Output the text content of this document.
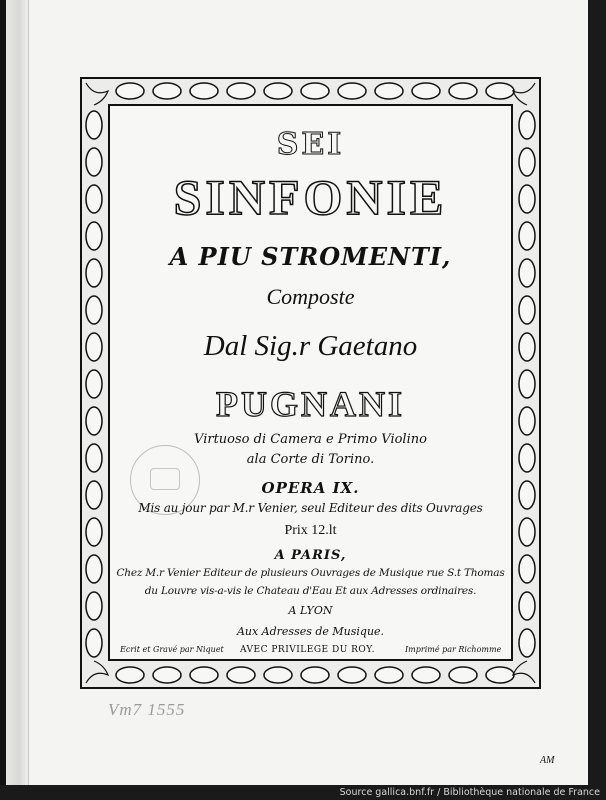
SEI
SINFONIE
A PIU STROMENTI,
Composte
Dal Sig.r Gaetano
PUGNANI
Virtuoso di Camera e Primo Violino
ala Corte di Torino.
OPERA IX.
Mis au jour par M.r Venier, seul Editeur des dits Ouvrages
Prix 12.lt
A PARIS,
Chez M.r Venier Editeur de plusieurs Ouvrages de Musique rue S.t Thomas
du Louvre vis-a-vis le Chateau d'Eau Et aux Adresses ordinaires.
A LYON
Aux Adresses de Musique.
Ecrit et Gravé par Niquet AVEC PRIVILEGE DU ROY.	Imprimé par Richomme
Vm7 1555
AM
Source gallica.bnf.fr / Bibliothèque nationale de France
